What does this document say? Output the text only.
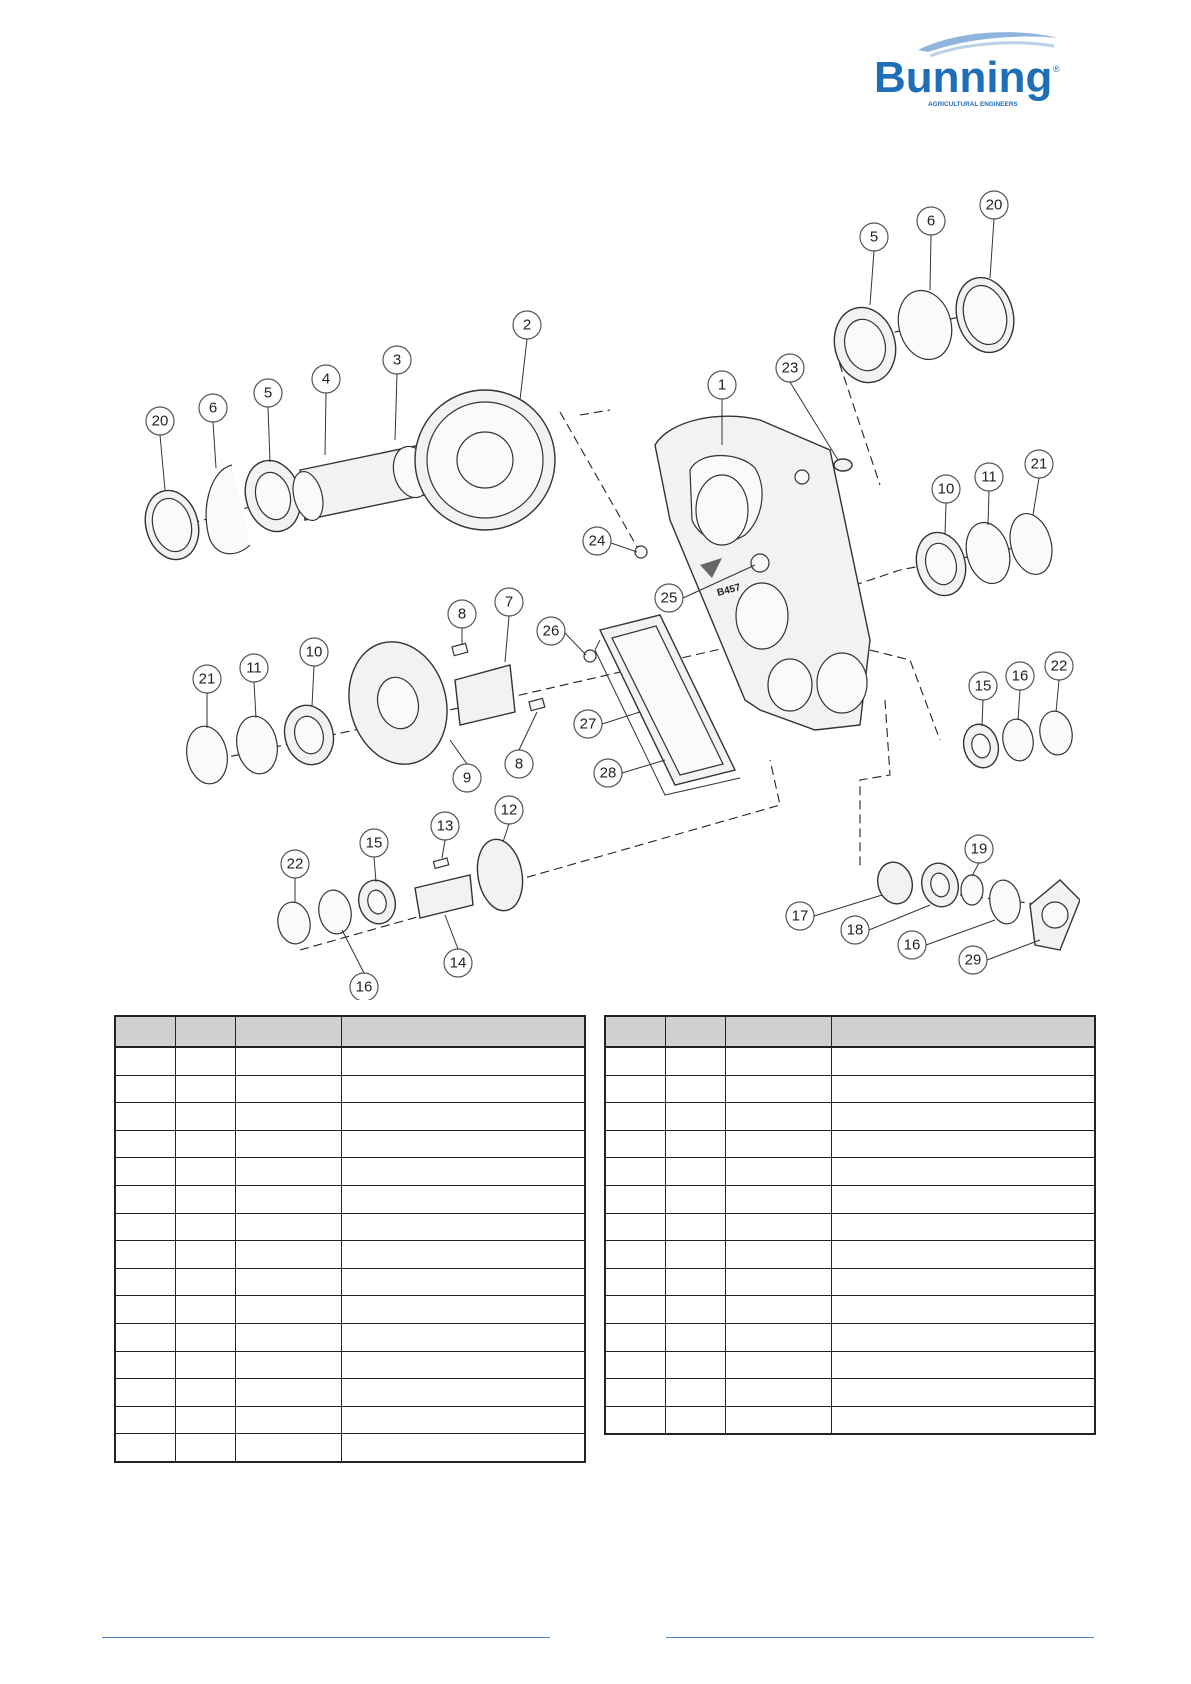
Bunning ®
AGRICULTURAL ENGINEERS
B457
1
2
3
4
5
6
20
5
6
20
23
24
25
26
7
8
8
9
10
11
21
10
11
21
12
13
14
15
16
22
27
28
15
16
22
17
18
19
16
29
